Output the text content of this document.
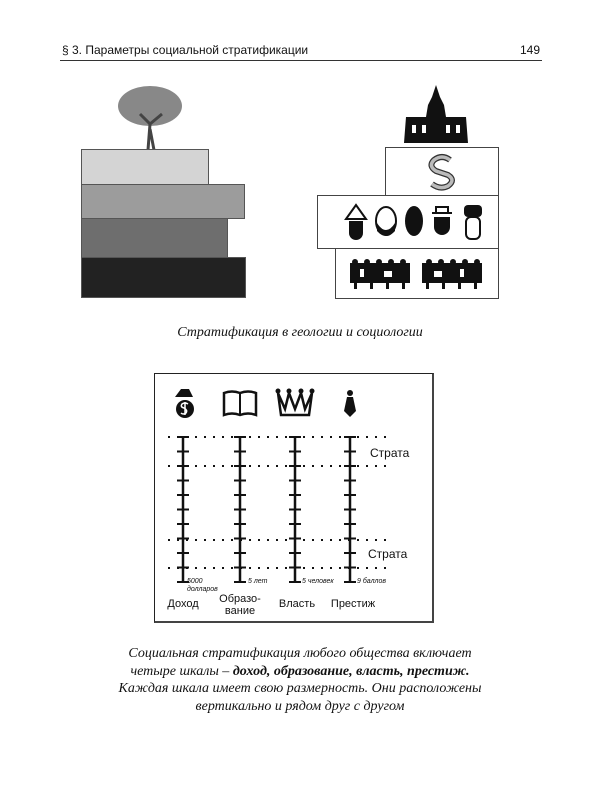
§ 3. Параметры социальной стратификации	149
Стратификация в геологии и социологии
Страта
Страта
5000 долларов
5 лет	5 человек	9 баллов
Доход	Образо-вание
Власть	Престиж
Социальная стратификация любого общества включает
четыре шкалы – доход, образование, власть, престиж.
Каждая шкала имеет свою размерность. Они расположены
вертикально и рядом друг с другом
